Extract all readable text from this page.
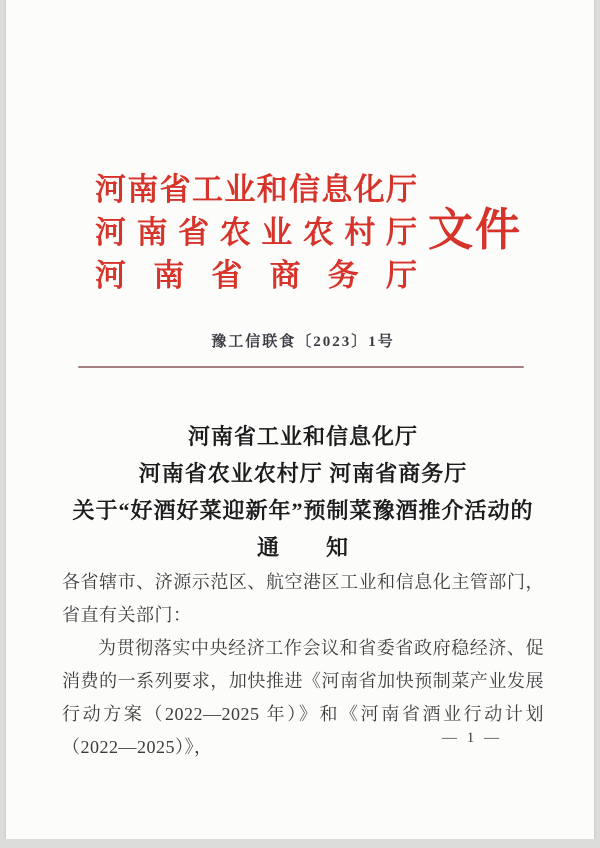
河南省工业和信息化厅
河南省农业农村厅
河南省商务厅
文件
豫工信联食〔2023〕1号
河南省工业和信息化厅
河南省农业农村厅 河南省商务厅
关于“好酒好菜迎新年”预制菜豫酒推介活动的
通　　知

各省辖市、济源示范区、航空港区工业和信息化主管部门，省直有关部门：

为贯彻落实中央经济工作会议和省委省政府稳经济、促消费的一系列要求，加快推进《河南省加快预制菜产业发展行动方案（2022—2025 年）》和《河南省酒业行动计划（2022—2025）》，	— 1 —
